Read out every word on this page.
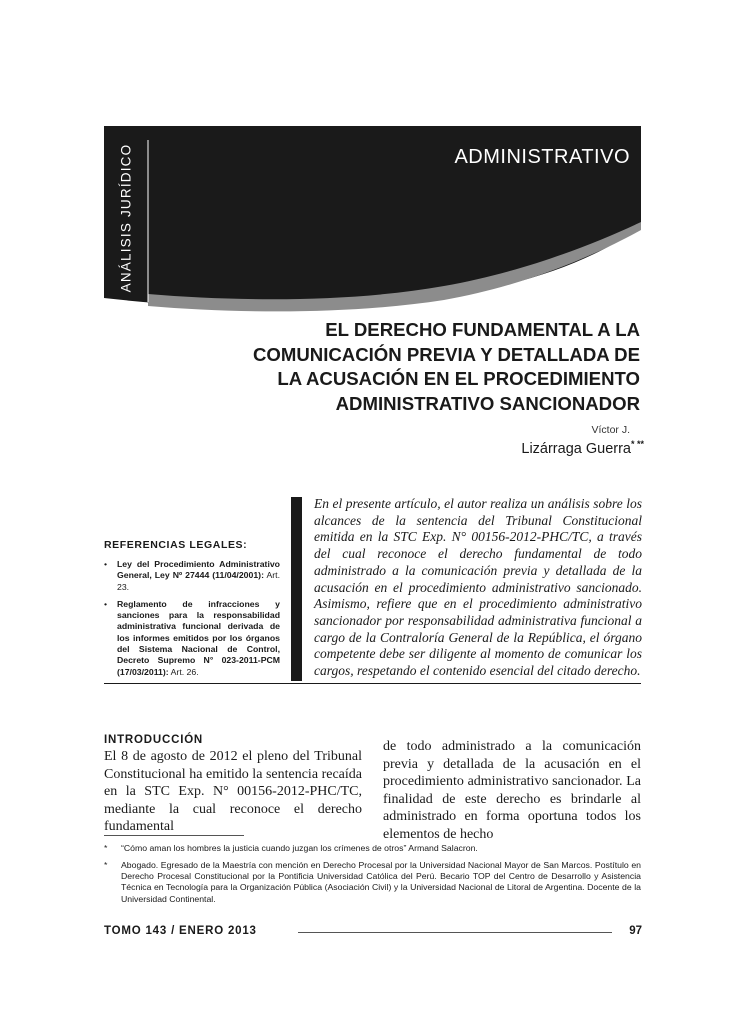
ANÁLISIS JURÍDICO	ADMINISTRATIVO
EL DERECHO FUNDAMENTAL A LA
COMUNICACIÓN PREVIA Y DETALLADA DE
LA ACUSACIÓN EN EL PROCEDIMIENTO
ADMINISTRATIVO SANCIONADOR
Víctor J.
Lizárraga Guerra* **
REFERENCIAS LEGALES:
• Ley del Procedimiento Administrativo General, Ley Nº 27444 (11/04/2001): Art. 23.
• Reglamento de infracciones y sanciones para la responsabilidad administrativa funcional derivada de los informes emitidos por los órganos del Sistema Nacional de Control, Decreto Supremo N° 023-2011-PCM (17/03/2011): Art. 26.
En el presente artículo, el autor realiza un análisis sobre los alcances de la sentencia del Tribunal Constitucional emitida en la STC Exp. N° 00156-2012-PHC/TC, a través del cual reconoce el derecho fundamental de todo administrado a la comunicación previa y detallada de la acusación en el procedimiento administrativo sancionado. Asimismo, refiere que en el procedimiento administrativo sancionador por responsabilidad administrativa funcional a cargo de la Contraloría General de la República, el órgano competente debe ser diligente al momento de comunicar los cargos, respetando el contenido esencial del citado derecho.
INTRODUCCIÓN
El 8 de agosto de 2012 el pleno del Tribunal Constitucional ha emitido la sentencia recaída en la STC Exp. N° 00156-2012-PHC/TC, mediante la cual reconoce el derecho fundamental
de todo administrado a la comunicación previa y detallada de la acusación en el procedimiento administrativo sancionador. La finalidad de este derecho es brindarle al administrado en forma oportuna todos los elementos de hecho
* “Cómo aman los hombres la justicia cuando juzgan los crímenes de otros” Armand Salacron.
* Abogado. Egresado de la Maestría con mención en Derecho Procesal por la Universidad Nacional Mayor de San Marcos. Postítulo en Derecho Procesal Constitucional por la Pontificia Universidad Católica del Perú. Becario TOP del Centro de Desarrollo y Asistencia Técnica en Tecnología para la Organización Pública (Asociación Civil) y la Universidad Nacional de Litoral de Argentina. Docente de la Universidad Continental.
TOMO 143 / ENERO 2013	97
